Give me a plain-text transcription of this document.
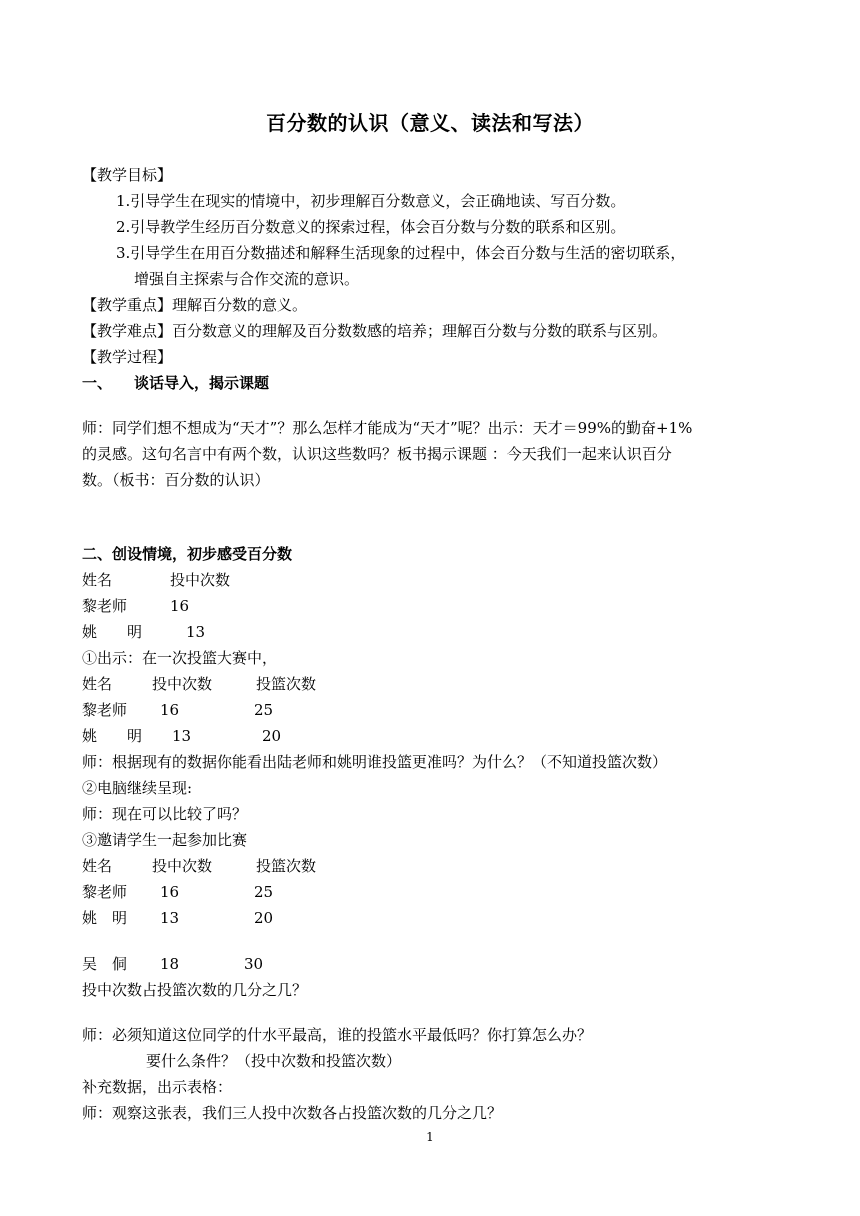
百分数的认识（意义、读法和写法）
【教学目标】
1.引导学生在现实的情境中，初步理解百分数意义，会正确地读、写百分数。
2.引导教学生经历百分数意义的探索过程，体会百分数与分数的联系和区别。
3.引导学生在用百分数描述和解释生活现象的过程中，体会百分数与生活的密切联系，
增强自主探索与合作交流的意识。
【教学重点】理解百分数的意义。
【教学难点】百分数意义的理解及百分数数感的培养；理解百分数与分数的联系与区别。
【教学过程】
一、 谈话导入，揭示课题
师：同学们想不想成为“天才”？那么怎样才能成为“天才”呢？出示：天才＝99%的勤奋+1%
的灵感。这句名言中有两个数，认识这些数吗？板书揭示课题 ：今天我们一起来认识百分
数。（板书：百分数的认识）
二、创设情境，初步感受百分数
姓名	投中次数
黎老师	16
姚　　明	13
①出示：在一次投篮大赛中，
姓名	投中次数	投篮次数
黎老师 16	25
姚　　明 13	20
师：根据现有的数据你能看出陆老师和姚明谁投篮更准吗？为什么？（不知道投篮次数）
②电脑继续呈现:
师：现在可以比较了吗？
③邀请学生一起参加比赛
姓名	投中次数	投篮次数
黎老师 16	25
姚　明 13	20
吴　侗 18	30
投中次数占投篮次数的几分之几？
师：必须知道这位同学的什水平最高，谁的投篮水平最低吗？你打算怎么办？
要什么条件？（投中次数和投篮次数）
补充数据，出示表格：
师：观察这张表，我们三人投中次数各占投篮次数的几分之几？
1
